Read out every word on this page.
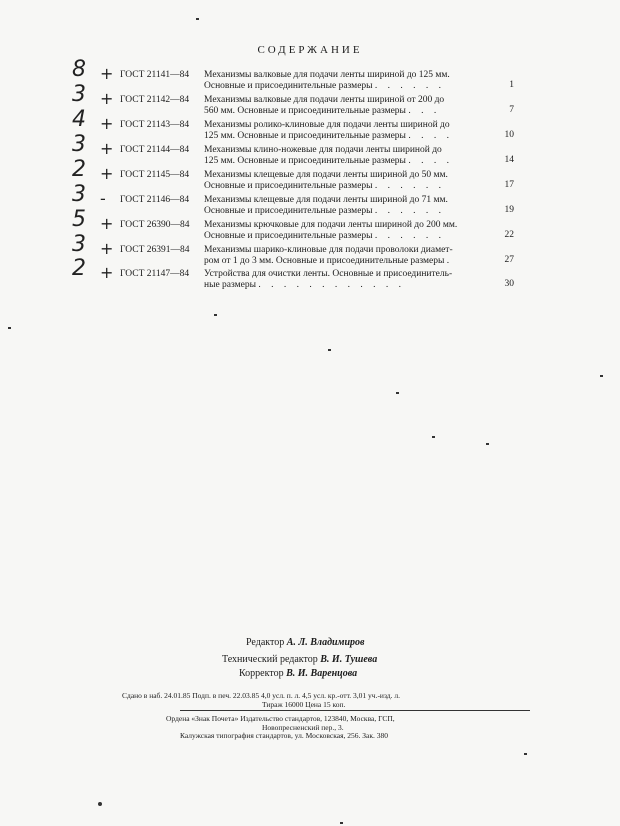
СОДЕРЖАНИЕ
8 + ГОСТ 21141—84 Механизмы валковые для подачи ленты шириной до 125 мм.
Основные и присоединительные размеры . . . . . .	1
3 + ГОСТ 21142—84 Механизмы валковые для подачи ленты шириной от 200 до
560 мм. Основные и присоединительные размеры . . .	7
4 + ГОСТ 21143—84 Механизмы ролико-клиновые для подачи ленты шириной до
125 мм. Основные и присоединительные размеры . . . .	10
3 + ГОСТ 21144—84 Механизмы клино-ножевые для подачи ленты шириной до
125 мм. Основные и присоединительные размеры . . . .	14
2 + ГОСТ 21145—84 Механизмы клещевые для подачи ленты шириной до 50 мм.
Основные и присоединительные размеры . . . . . .	17
3 - ГОСТ 21146—84 Механизмы клещевые для подачи ленты шириной до 71 мм.
Основные и присоединительные размеры . . . . . .	19
5 + ГОСТ 26390—84 Механизмы крючковые для подачи ленты шириной до 200 мм.
Основные и присоединительные размеры . . . . . .	22
3 + ГОСТ 26391—84 Механизмы шарико-клиновые для подачи проволоки диамет-
ром от 1 до 3 мм. Основные и присоединительные размеры .	27
2 + ГОСТ 21147—84 Устройства для очистки ленты. Основные и присоединитель-
ные размеры . . . . . . . . . . . .	30
Редактор А. Л. Владимиров
Технический редактор В. И. Тушева
Корректор В. И. Варенцова
Сдано в наб. 24.01.85 Подп. в печ. 22.03.85 4,0 усл. п. л. 4,5 усл. кр.-отт. 3,01 уч.-изд. л.
Тираж 16000 Цена 15 коп.
Ордена «Знак Почета» Издательство стандартов, 123840, Москва, ГСП,
Новопресненский пер., 3.
Калужская типография стандартов, ул. Московская, 256. Зак. 380
